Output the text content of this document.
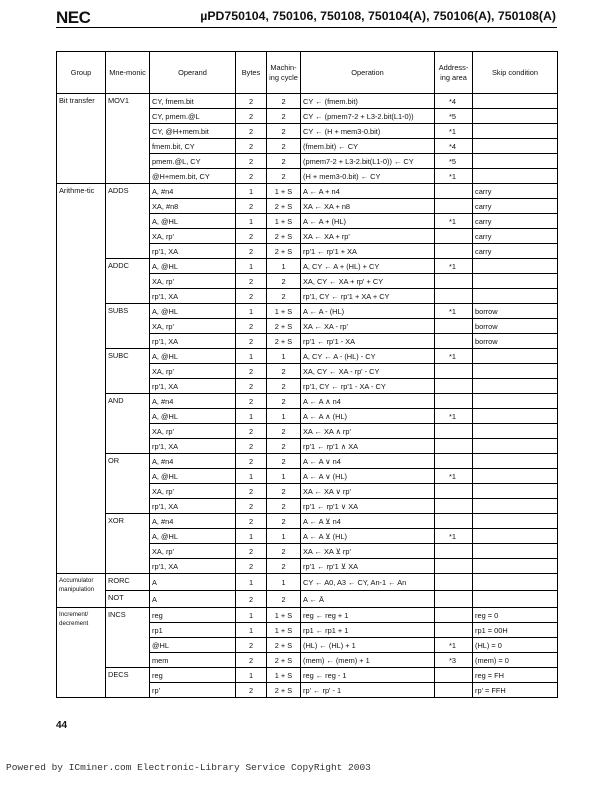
NEC	µPD750104, 750106, 750108, 750104(A), 750106(A), 750108(A)
Group	Mne-monic	Operand	Bytes	Machin-ing cycle	Operation	Address-ing area	Skip condition
Bit transfer	MOV1	CY, fmem.bit	2	2	CY ← (fmem.bit)	*4	
		CY, pmem.@L	2	2	CY ← (pmem7-2 + L3-2.bit(L1-0))	*5	
		CY, @H+mem.bit	2	2	CY ← (H + mem3-0.bit)	*1	
		fmem.bit, CY	2	2	(fmem.bit) ← CY	*4	
		pmem.@L, CY	2	2	(pmem7-2 + L3-2.bit(L1-0)) ← CY	*5	
		@H+mem.bit, CY	2	2	(H + mem3-0.bit) ← CY	*1	
Arithme-tic	ADDS	A, #n4	1	1 + S	A ← A + n4		carry
		XA, #n8	2	2 + S	XA ← XA + n8		carry
		A, @HL	1	1 + S	A ← A + (HL)	*1	carry
		XA, rp'	2	2 + S	XA ← XA + rp'		carry
		rp'1, XA	2	2 + S	rp'1 ← rp'1 + XA		carry
	ADDC	A, @HL	1	1	A, CY ← A + (HL) + CY	*1	
		XA, rp'	2	2	XA, CY ← XA + rp' + CY		
		rp'1, XA	2	2	rp'1, CY ← rp'1 + XA + CY		
	SUBS	A, @HL	1	1 + S	A ← A - (HL)	*1	borrow
		XA, rp'	2	2 + S	XA ← XA - rp'		borrow
		rp'1, XA	2	2 + S	rp'1 ← rp'1 - XA		borrow
	SUBC	A, @HL	1	1	A, CY ← A - (HL) - CY	*1	
		XA, rp'	2	2	XA, CY ← XA - rp' - CY		
		rp'1, XA	2	2	rp'1, CY ← rp'1 - XA - CY		
	AND	A, #n4	2	2	A ← A ∧ n4		
		A, @HL	1	1	A ← A ∧ (HL)	*1	
		XA, rp'	2	2	XA ← XA ∧ rp'		
		rp'1, XA	2	2	rp'1 ← rp'1 ∧ XA		
	OR	A, #n4	2	2	A ← A ∨ n4		
		A, @HL	1	1	A ← A ∨ (HL)	*1	
		XA, rp'	2	2	XA ← XA ∨ rp'		
		rp'1, XA	2	2	rp'1 ← rp'1 ∨ XA		
	XOR	A, #n4	2	2	A ← A ⊻ n4		
		A, @HL	1	1	A ← A ⊻ (HL)	*1	
		XA, rp'	2	2	XA ← XA ⊻ rp'		
		rp'1, XA	2	2	rp'1 ← rp'1 ⊻ XA		
Accumulator manipulation	RORC	A	1	1	CY ← A0, A3 ← CY, An-1 ← An		
	NOT	A	2	2	A ← Ā		
Increment/ decrement	INCS	reg	1	1 + S	reg ← reg + 1		reg = 0
		rp1	1	1 + S	rp1 ← rp1 + 1		rp1 = 00H
		@HL	2	2 + S	(HL) ← (HL) + 1	*1	(HL) = 0
		mem	2	2 + S	(mem) ← (mem) + 1	*3	(mem) = 0
	DECS	reg	1	1 + S	reg ← reg - 1		reg = FH
		rp'	2	2 + S	rp' ← rp' - 1		rp' = FFH
44
Powered by ICminer.com Electronic-Library Service CopyRight 2003
